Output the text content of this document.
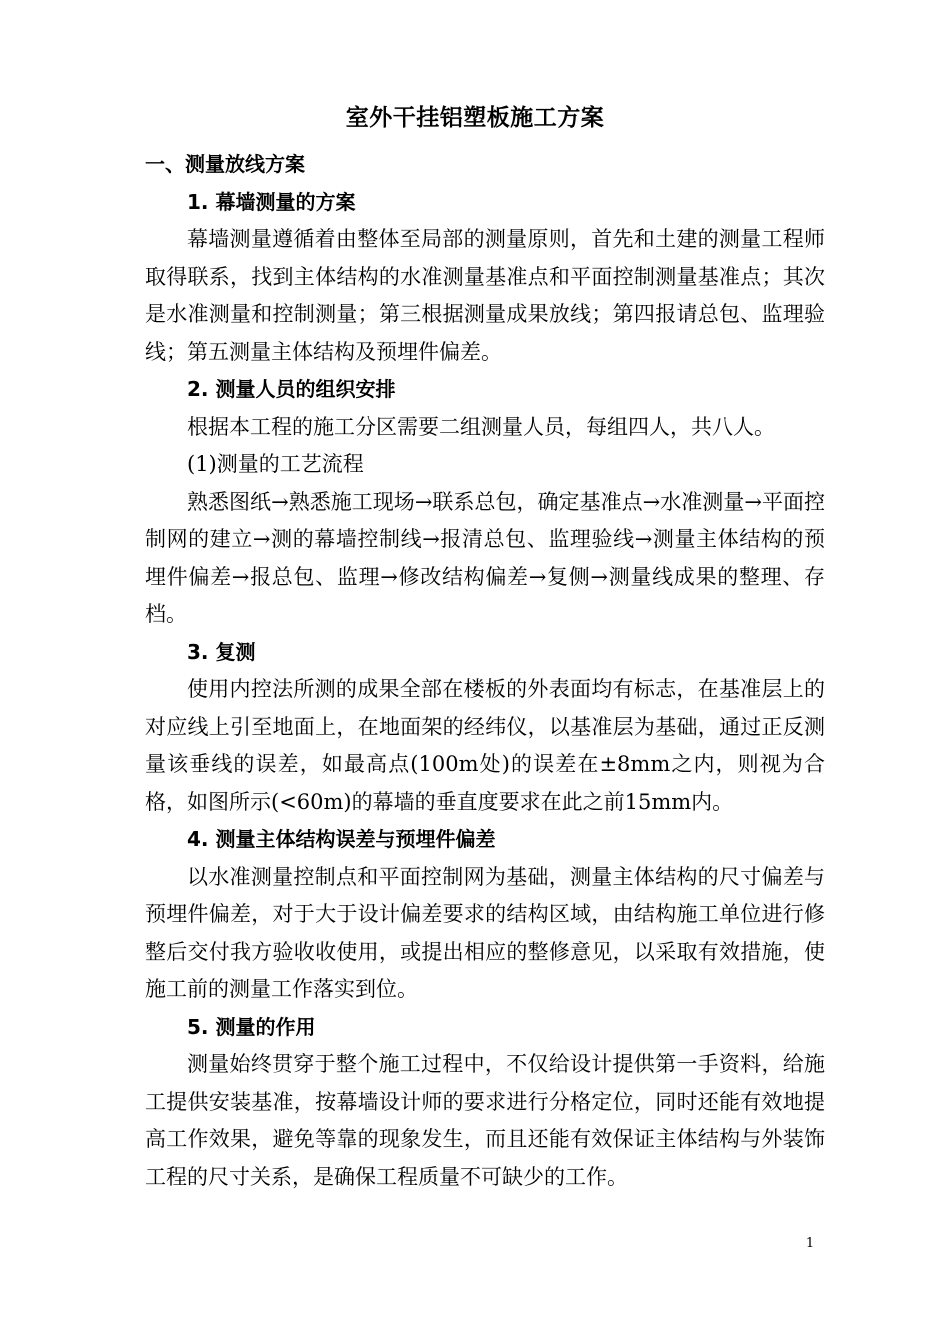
室外干挂铝塑板施工方案

一、测量放线方案

1. 幕墙测量的方案

幕墙测量遵循着由整体至局部的测量原则，首先和土建的测量工程师取得联系，找到主体结构的水准测量基准点和平面控制测量基准点；其次是水准测量和控制测量；第三根据测量成果放线；第四报请总包、监理验线；第五测量主体结构及预埋件偏差。

2. 测量人员的组织安排

根据本工程的施工分区需要二组测量人员，每组四人，共八人。

(1)测量的工艺流程

熟悉图纸→熟悉施工现场→联系总包，确定基准点→水准测量→平面控制网的建立→测的幕墙控制线→报清总包、监理验线→测量主体结构的预埋件偏差→报总包、监理→修改结构偏差→复侧→测量线成果的整理、存档。

3. 复测

使用内控法所测的成果全部在楼板的外表面均有标志，在基准层上的对应线上引至地面上，在地面架的经纬仪，以基准层为基础，通过正反测量该垂线的误差，如最高点(100m处)的误差在±8mm之内，则视为合格，如图所示(<60m)的幕墙的垂直度要求在此之前15mm内。

4. 测量主体结构误差与预埋件偏差

以水准测量控制点和平面控制网为基础，测量主体结构的尺寸偏差与预埋件偏差，对于大于设计偏差要求的结构区域，由结构施工单位进行修整后交付我方验收收使用，或提出相应的整修意见，以采取有效措施，使施工前的测量工作落实到位。

5. 测量的作用

测量始终贯穿于整个施工过程中，不仅给设计提供第一手资料，给施工提供安装基准，按幕墙设计师的要求进行分格定位，同时还能有效地提高工作效果，避免等靠的现象发生，而且还能有效保证主体结构与外装饰工程的尺寸关系，是确保工程质量不可缺少的工作。

1
